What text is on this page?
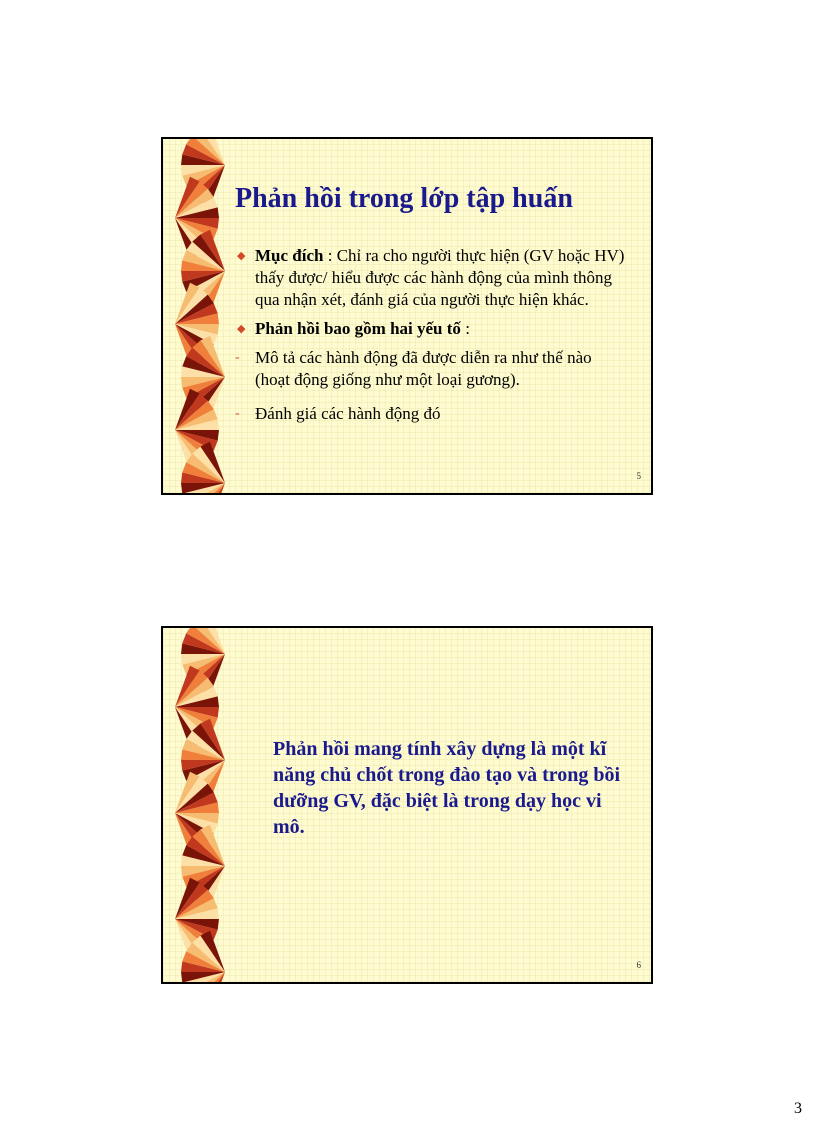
Phản hồi trong lớp tập huấn
◆ Mục đích : Chỉ ra cho người thực hiện (GV hoặc HV) thấy được/ hiểu được các hành động của mình thông qua nhận xét, đánh giá của người thực hiện khác.
◆ Phản hồi bao gồm hai yếu tố :
- Mô tả các hành động đã được diễn ra như thế nào (hoạt động giống như một loại gương).
- Đánh giá các hành động đó
5

Phản hồi mang tính xây dựng là một kĩ năng chủ chốt trong đào tạo và trong bồi dưỡng GV, đặc biệt là trong dạy học vi mô.

6
3
